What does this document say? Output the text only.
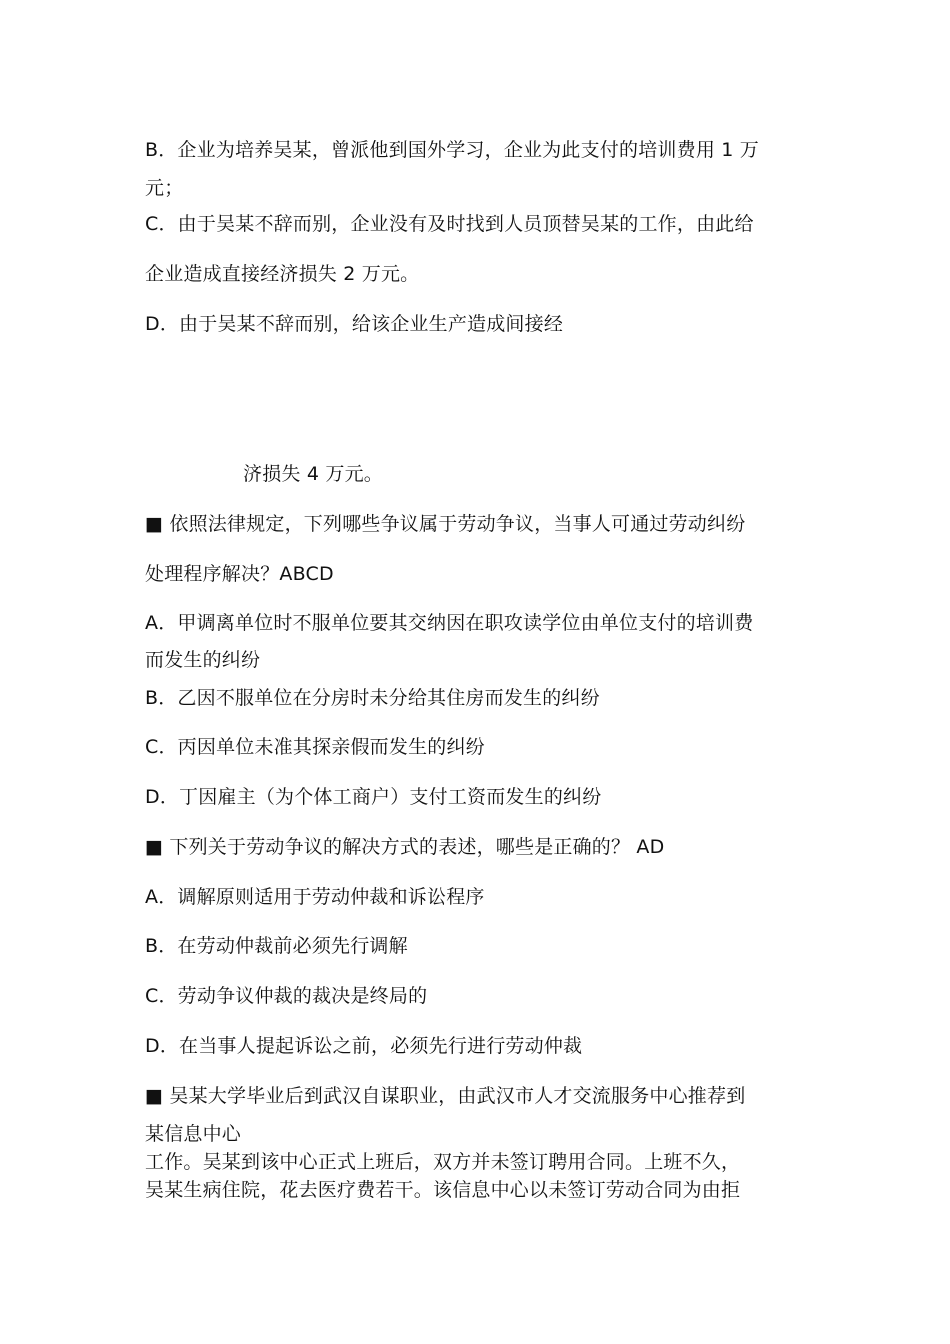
B．企业为培养吴某，曾派他到国外学习，企业为此支付的培训费用 1 万
元；
C．由于吴某不辞而别，企业没有及时找到人员顶替吴某的工作，由此给
企业造成直接经济损失 2 万元。
D．由于吴某不辞而别，给该企业生产造成间接经
济损失 4 万元。
■ 依照法律规定，下列哪些争议属于劳动争议，当事人可通过劳动纠纷
处理程序解决？ABCD
A．甲调离单位时不服单位要其交纳因在职攻读学位由单位支付的培训费
而发生的纠纷
B．乙因不服单位在分房时未分给其住房而发生的纠纷
C．丙因单位未准其探亲假而发生的纠纷
D．丁因雇主（为个体工商户）支付工资而发生的纠纷
■ 下列关于劳动争议的解决方式的表述，哪些是正确的？ AD
A．调解原则适用于劳动仲裁和诉讼程序
B．在劳动仲裁前必须先行调解
C．劳动争议仲裁的裁决是终局的
D．在当事人提起诉讼之前，必须先行进行劳动仲裁
■ 吴某大学毕业后到武汉自谋职业，由武汉市人才交流服务中心推荐到
某信息中心
工作。吴某到该中心正式上班后，双方并未签订聘用合同。上班不久，
吴某生病住院，花去医疗费若干。该信息中心以未签订劳动合同为由拒
